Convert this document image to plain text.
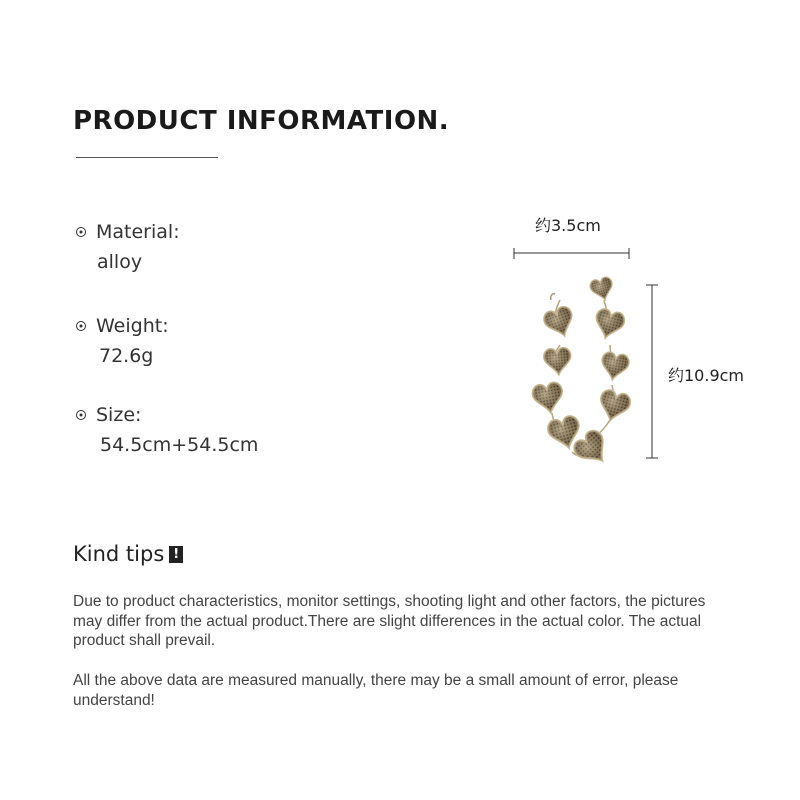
PRODUCT INFORMATION.
Material:
alloy
Weight:
72.6g
Size:
54.5cm+54.5cm
约3.5cm
约10.9cm
Kind tips !

Due to product characteristics, monitor settings, shooting light and other factors, the pictures may differ from the actual product.There are slight differences in the actual color. The actual product shall prevail.

All the above data are measured manually, there may be a small amount of error, please understand!
